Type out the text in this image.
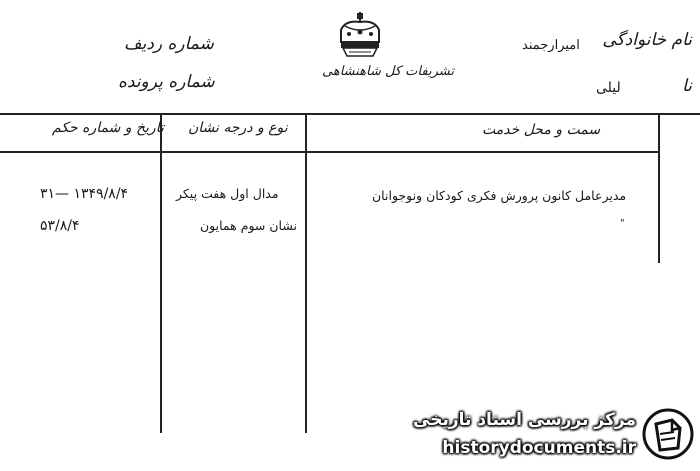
نام خانوادگی
امیرارجمند
نا
لیلی
شماره ردیف
شماره پرونده
تشریفات کل شاهنشاهی
سمت و محل خدمت
نوع و درجه نشان
تاریخ و شماره حکم
مدیرعامل کانون پرورش فکری کودکان ونوجوانان
"
مدال اول هفت پیکر
نشان سوم همایون
۱۳۴۹/۸/۴ —۳۱
۵۳/۸/۴
مرکز بررسی اسناد تاریخی
historydocuments.ir
